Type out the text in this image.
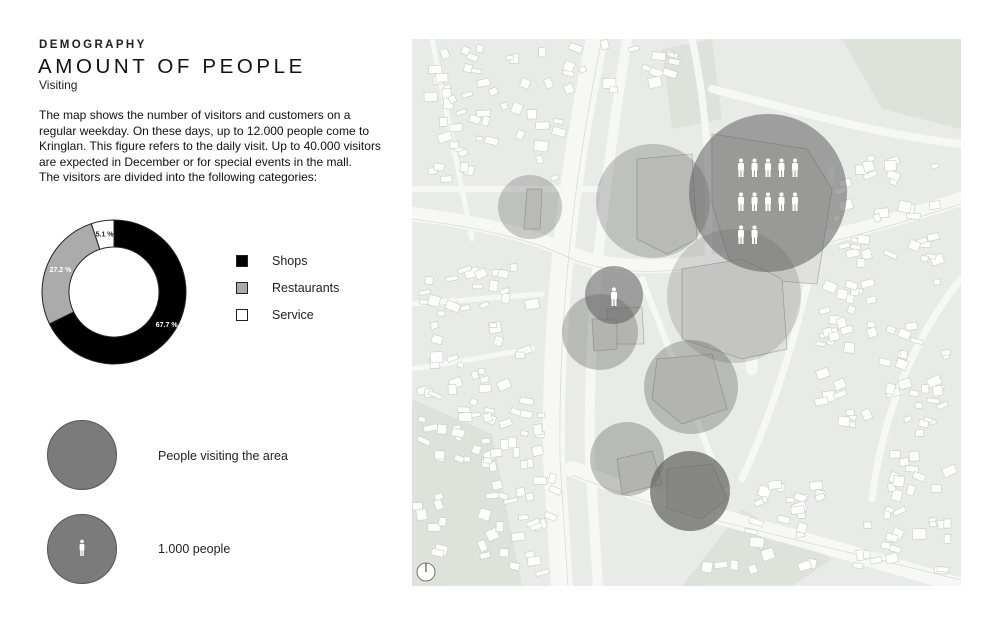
DEMOGRAPHY
AMOUNT OF PEOPLE
Visiting

The map shows the number of visitors and customers on a regular weekday. On these days, up to 12.000 people come to Kringlan. This figure refers to the daily visit. Up to 40.000 visitors are expected in December or for special events in the mall.

The visitors are divided into the following categories:

67.7 %
27.2 %
5.1 %
Shops
Restaurants
Service
People visiting the area
1.000 people
